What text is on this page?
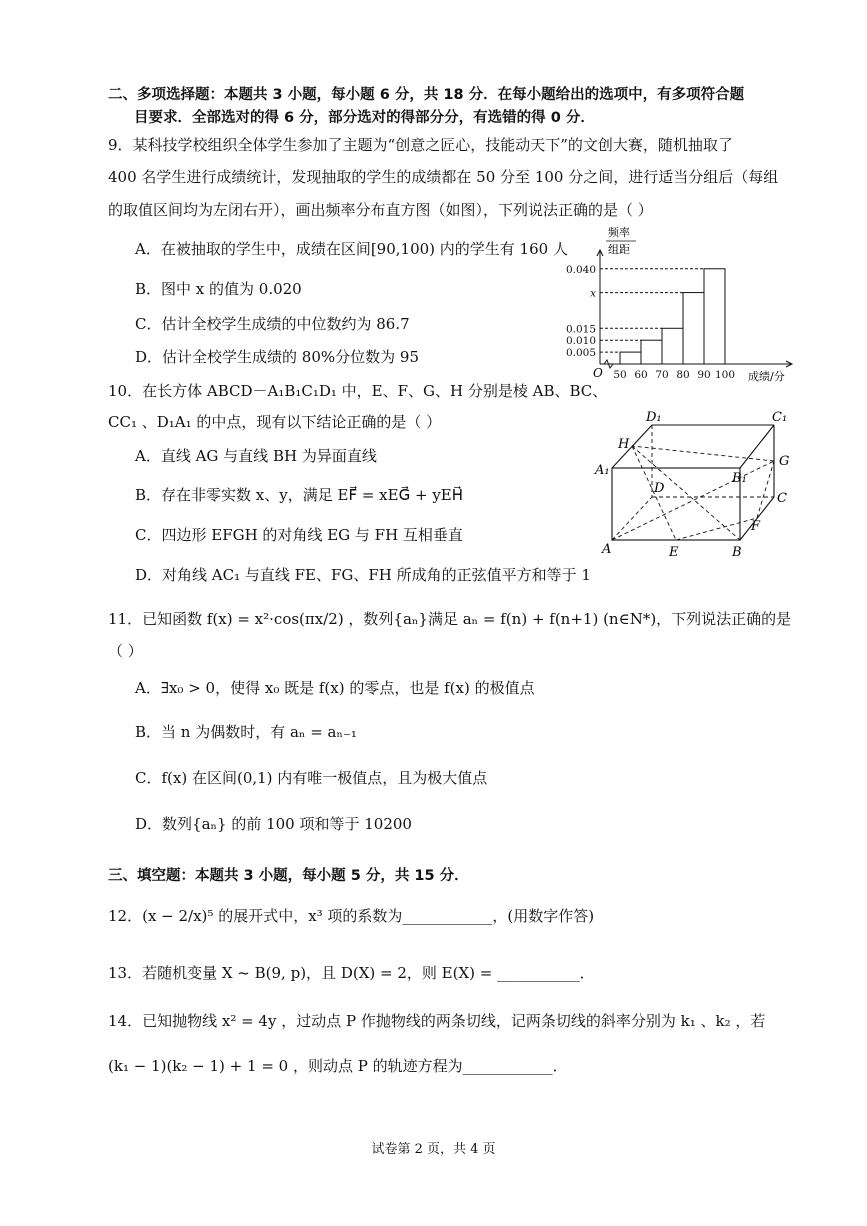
二、多项选择题：本题共 3 小题，每小题 6 分，共 18 分．在每小题给出的选项中，有多项符合题
目要求．全部选对的得 6 分，部分选对的得部分分，有选错的得 0 分．
9．某科技学校组织全体学生参加了主题为“创意之匠心，技能动天下”的文创大赛，随机抽取了
400 名学生进行成绩统计，发现抽取的学生的成绩都在 50 分至 100 分之间，进行适当分组后（每组
的取值区间均为左闭右开），画出频率分布直方图（如图），下列说法正确的是（ ）
A．在被抽取的学生中，成绩在区间[90,100) 内的学生有 160 人
B．图中 x 的值为 0.020
C．估计全校学生成绩的中位数约为 86.7
D．估计全校学生成绩的 80%分位数为 95
0.040
x
0.015
0.010
0.005
50 60 70 80 90 100
频率
组距
成绩/分
O
10．在长方体 ABCD－A₁B₁C₁D₁ 中，E、F、G、H 分别是棱 AB、BC、
CC₁ 、D₁A₁ 的中点，现有以下结论正确的是（ ）
A．直线 AG 与直线 BH 为异面直线
B．存在非零实数 x、y，满足 EF⃗ = xEG⃗ + yEH⃗
C．四边形 EFGH 的对角线 EG 与 FH 互相垂直
D．对角线 AC₁ 与直线 FE、FG、FH 所成角的正弦值平方和等于 1
D₁	C₁
H
G
A₁
B₁
D
C
F
A	E	B
11．已知函数 f(x) = x²·cos(πx/2) ，数列{aₙ}满足 aₙ = f(n) + f(n+1) (n∈N*)，下列说法正确的是
（ ）
A．∃x₀ > 0，使得 x₀ 既是 f(x) 的零点，也是 f(x) 的极值点
B．当 n 为偶数时，有 aₙ = aₙ₋₁
C．f(x) 在区间(0,1) 内有唯一极值点，且为极大值点
D．数列{aₙ} 的前 100 项和等于 10200
三、填空题：本题共 3 小题，每小题 5 分，共 15 分．
12．(x − 2/x)⁵ 的展开式中，x³ 项的系数为____________，(用数字作答)
13．若随机变量 X ~ B(9, p)，且 D(X) = 2，则 E(X) = ___________．
14．已知抛物线 x² = 4y ，过动点 P 作抛物线的两条切线，记两条切线的斜率分别为 k₁ 、k₂ ，若
(k₁ − 1)(k₂ − 1) + 1 = 0 ，则动点 P 的轨迹方程为____________．
试卷第 2 页，共 4 页
